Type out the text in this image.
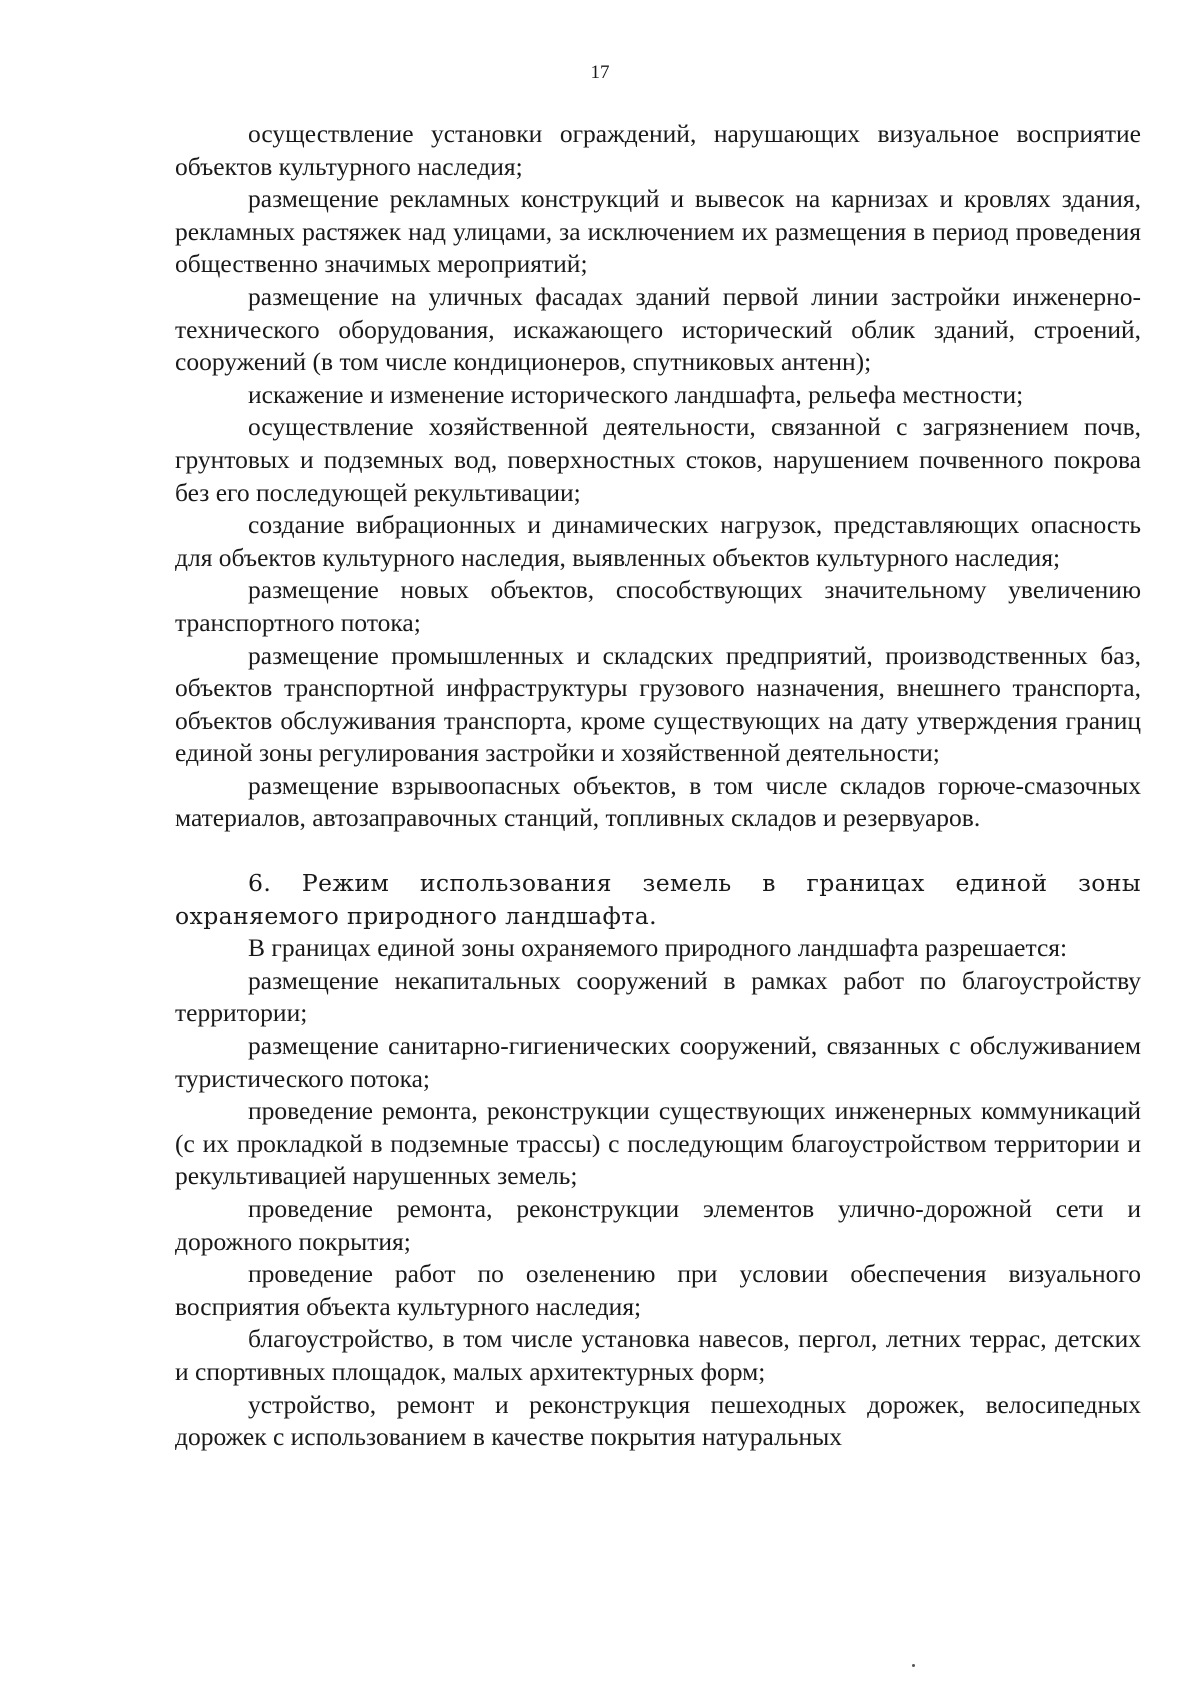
17

осуществление установки ограждений, нарушающих визуальное восприятие объектов культурного наследия;

размещение рекламных конструкций и вывесок на карнизах и кровлях здания, рекламных растяжек над улицами, за исключением их размещения в период проведения общественно значимых мероприятий;

размещение на уличных фасадах зданий первой линии застройки инженерно-технического оборудования, искажающего исторический облик зданий, строений, сооружений (в том числе кондиционеров, спутниковых антенн);

искажение и изменение исторического ландшафта, рельефа местности;

осуществление хозяйственной деятельности, связанной с загрязнением почв, грунтовых и подземных вод, поверхностных стоков, нарушением почвенного покрова без его последующей рекультивации;

создание вибрационных и динамических нагрузок, представляющих опасность для объектов культурного наследия, выявленных объектов культурного наследия;

размещение новых объектов, способствующих значительному увеличению транспортного потока;

размещение промышленных и складских предприятий, производственных баз, объектов транспортной инфраструктуры грузового назначения, внешнего транспорта, объектов обслуживания транспорта, кроме существующих на дату утверждения границ единой зоны регулирования застройки и хозяйственной деятельности;

размещение взрывоопасных объектов, в том числе складов горюче-смазочных материалов, автозаправочных станций, топливных складов и резервуаров.

6. Режим использования земель в границах единой зоны охраняемого природного ландшафта.

В границах единой зоны охраняемого природного ландшафта разрешается:

размещение некапитальных сооружений в рамках работ по благоустройству территории;

размещение санитарно-гигиенических сооружений, связанных с обслуживанием туристического потока;

проведение ремонта, реконструкции существующих инженерных коммуникаций (с их прокладкой в подземные трассы) с последующим благоустройством территории и рекультивацией нарушенных земель;

проведение ремонта, реконструкции элементов улично-дорожной сети и дорожного покрытия;

проведение работ по озеленению при условии обеспечения визуального восприятия объекта культурного наследия;

благоустройство, в том числе установка навесов, пергол, летних террас, детских и спортивных площадок, малых архитектурных форм;

устройство, ремонт и реконструкция пешеходных дорожек, велосипедных дорожек с использованием в качестве покрытия натуральных
